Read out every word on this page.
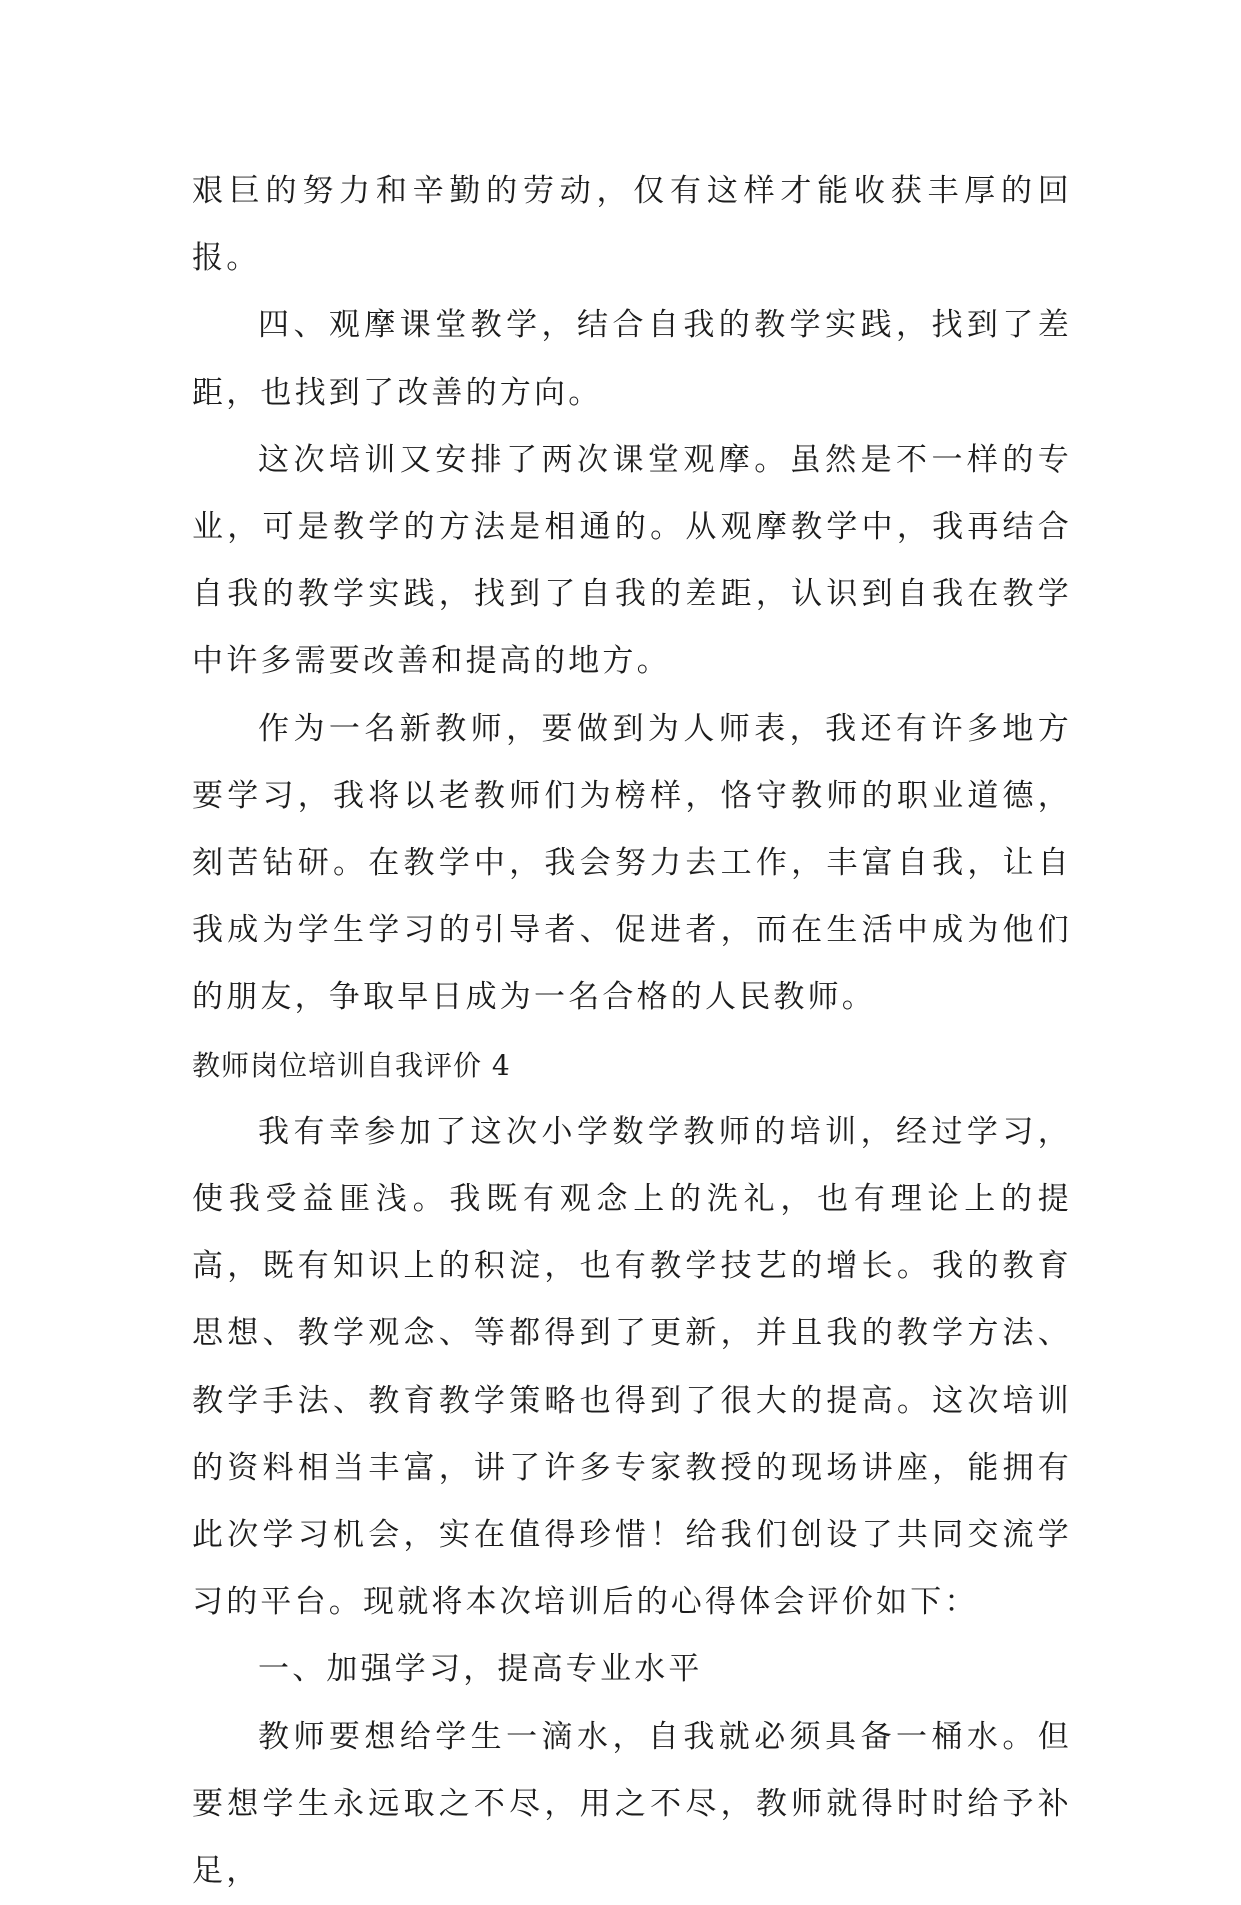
艰巨的努力和辛勤的劳动，仅有这样才能收获丰厚的回报。

四、观摩课堂教学，结合自我的教学实践，找到了差距，也找到了改善的方向。

这次培训又安排了两次课堂观摩。虽然是不一样的专业，可是教学的方法是相通的。从观摩教学中，我再结合自我的教学实践，找到了自我的差距，认识到自我在教学中许多需要改善和提高的地方。

作为一名新教师，要做到为人师表，我还有许多地方要学习，我将以老教师们为榜样，恪守教师的职业道德，刻苦钻研。在教学中，我会努力去工作，丰富自我，让自我成为学生学习的引导者、促进者，而在生活中成为他们的朋友，争取早日成为一名合格的人民教师。

教师岗位培训自我评价 4

我有幸参加了这次小学数学教师的培训，经过学习，使我受益匪浅。我既有观念上的洗礼，也有理论上的提高，既有知识上的积淀，也有教学技艺的增长。我的教育思想、教学观念、等都得到了更新，并且我的教学方法、教学手法、教育教学策略也得到了很大的提高。这次培训的资料相当丰富，讲了许多专家教授的现场讲座，能拥有此次学习机会，实在值得珍惜！给我们创设了共同交流学习的平台。现就将本次培训后的心得体会评价如下：

一、加强学习，提高专业水平

教师要想给学生一滴水，自我就必须具备一桶水。但要想学生永远取之不尽，用之不尽，教师就得时时给予补足，
